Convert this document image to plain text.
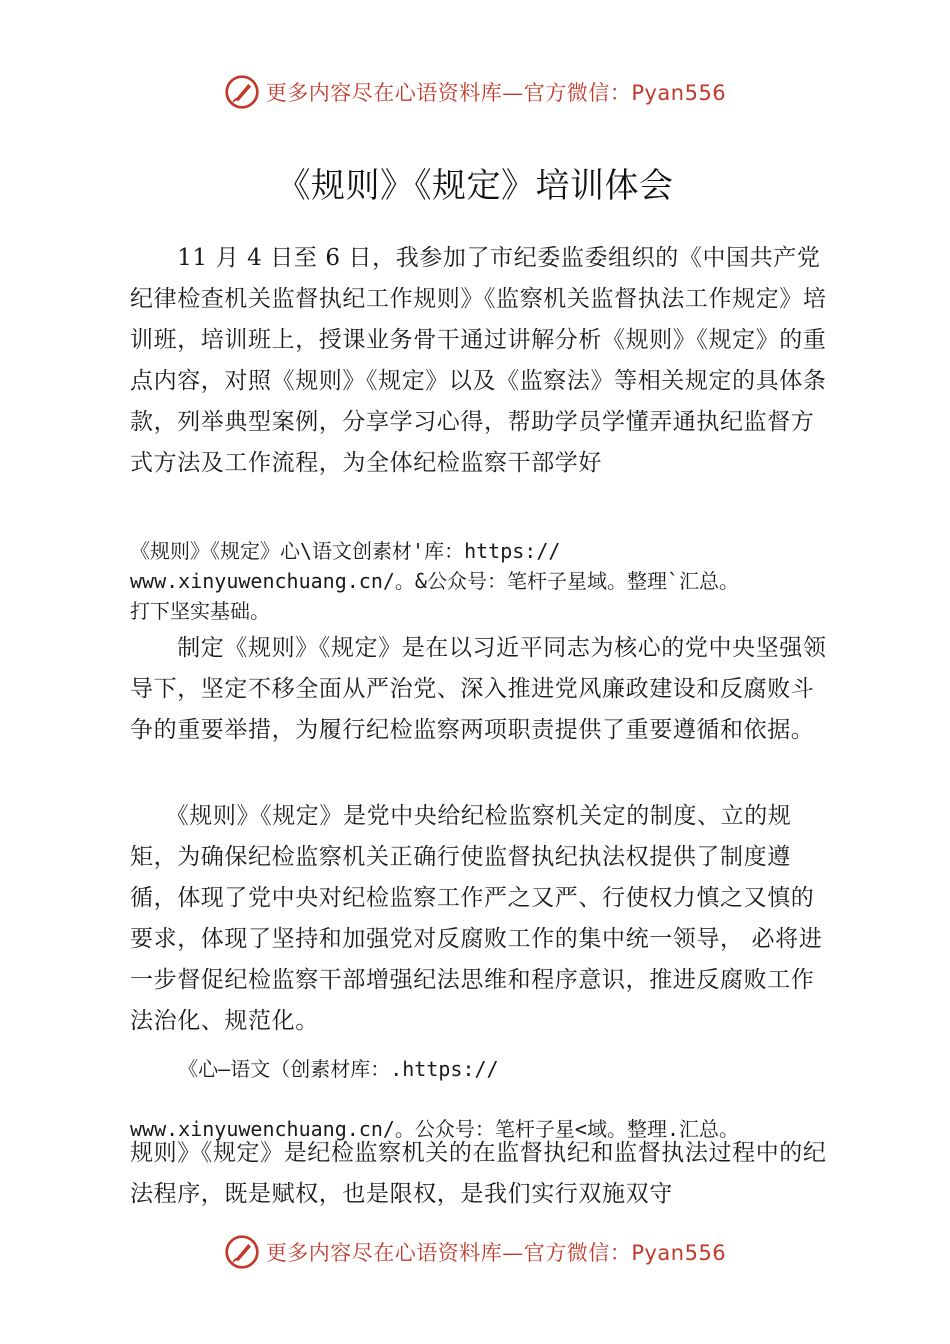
更多内容尽在心语资料库—官方微信：Pyan556
《规则》《规定》培训体会

　　11 月 4 日至 6 日，我参加了市纪委监委组织的《中国共产党纪律检查机关监督执纪工作规则》《监察机关监督执法工作规定》培训班，培训班上，授课业务骨干通过讲解分析《规则》《规定》的重点内容，对照《规则》《规定》以及《监察法》等相关规定的具体条款，列举典型案例，分享学习心得，帮助学员学懂弄通执纪监督方式方法及工作流程，为全体纪检监察干部学好

《规则》《规定》心\语文创素材'库：https://
www.xinyuwenchuang.cn/。&公众号：笔杆子星域。整理`汇总。
打下坚实基础。

　　制定《规则》《规定》是在以习近平同志为核心的党中央坚强领导下，坚定不移全面从严治党、深入推进党风廉政建设和反腐败斗争的重要举措，为履行纪检监察两项职责提供了重要遵循和依据。

　　《规则》《规定》是党中央给纪检监察机关定的制度、立的规矩，为确保纪检监察机关正确行使监督执纪执法权提供了制度遵循，体现了党中央对纪检监察工作严之又严、行使权力慎之又慎的要求，体现了坚持和加强党对反腐败工作的集中统一领导， 必将进一步督促纪检监察干部增强纪法思维和程序意识，推进反腐败工作法治化、规范化。

《心—语文（创素材库：.https://

www.xinyuwenchuang.cn/。公众号：笔杆子星<域。整理.汇总。

规则》《规定》是纪检监察机关的在监督执纪和监督执法过程中的纪法程序，既是赋权，也是限权，是我们实行双施双守

更多内容尽在心语资料库—官方微信：Pyan556
